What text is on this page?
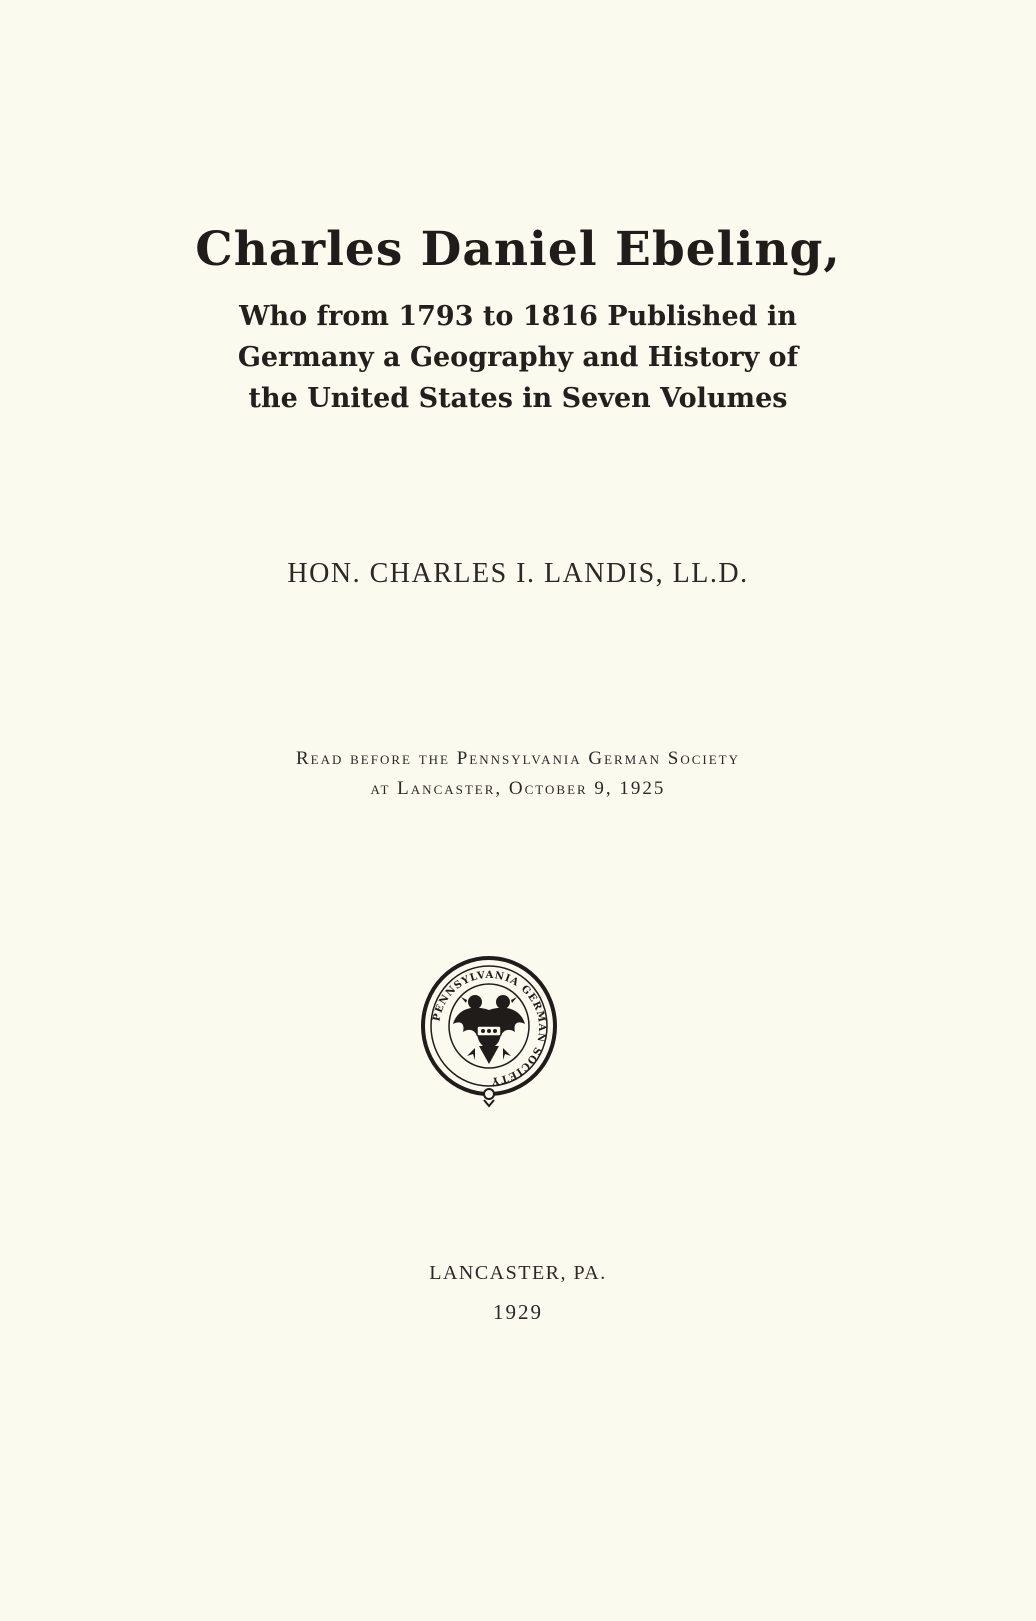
Charles Daniel Ebeling,
Who from 1793 to 1816 Published in
Germany a Geography and History of
the United States in Seven Volumes
HON. CHARLES I. LANDIS, LL.D.
Read before the Pennsylvania German Society
at Lancaster, October 9, 1925
PENNSYLVANIA GERMAN SOCIETY
LANCASTER, PA.
1929
